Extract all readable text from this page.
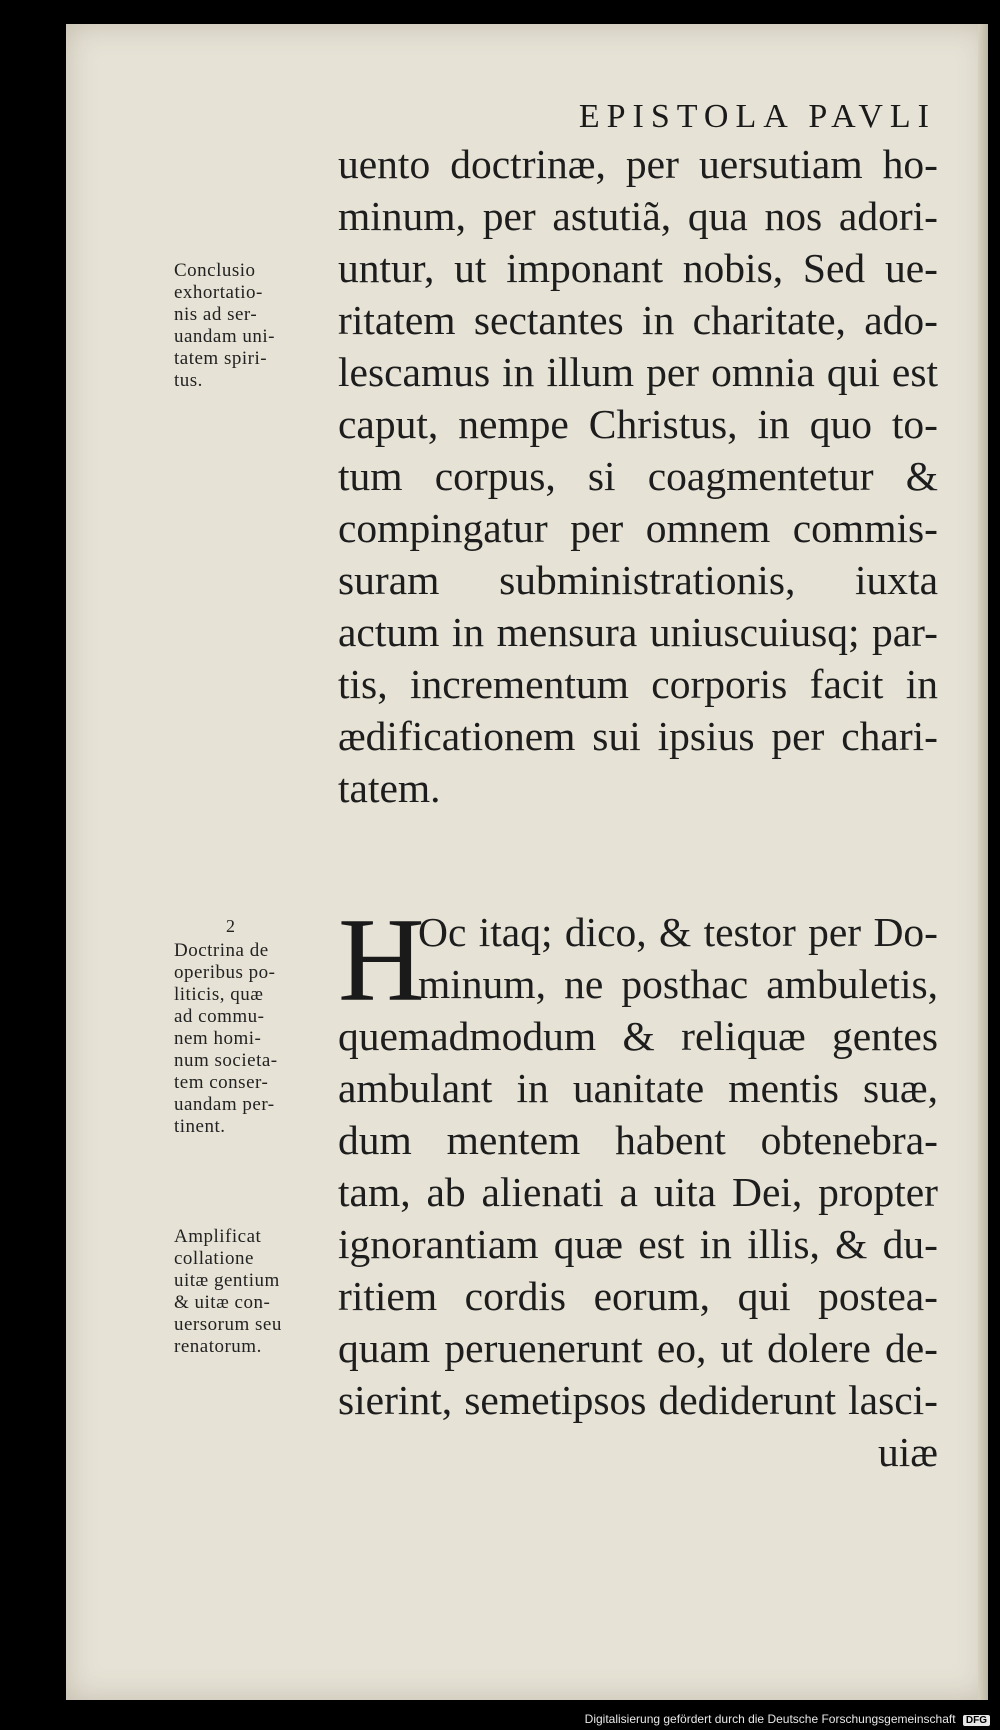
EPISTOLA PAVLI
Conclusio
exhortatio-
nis ad ser-
uandam uni-
tatem spiri-
tus.
uento doctrinæ, per uersutiam ho-
minum, per astutiã, qua nos adori-
untur, ut imponant nobis, Sed ue-
ritatem sectantes in charitate, ado-
lescamus in illum per omnia qui est
caput, nempe Christus, in quo to-
tum corpus, si coagmentetur &
compingatur per omnem commis-
suram subministrationis, iuxta
actum in mensura uniuscuiusq; par-
tis, incrementum corporis facit in
ædificationem sui ipsius per chari-
tatem.
2
Doctrina de
operibus po-
liticis, quæ
ad commu-
nem homi-
num societa-
tem conser-
uandam per-
tinent.
Amplificat
collatione
uitæ gentium
& uitæ con-
uersorum seu
renatorum.
H
Oc itaq; dico, & testor per Do-
minum, ne posthac ambuletis,
quemadmodum & reliquæ gentes
ambulant in uanitate mentis suæ,
dum mentem habent obtenebra-
tam, ab alienati a uita Dei, propter
ignorantiam quæ est in illis, & du-
ritiem cordis eorum, qui postea-
quam peruenerunt eo, ut dolere de-
sierint, semetipsos dediderunt lasci-
uiæ
Digitalisierung gefördert durch die Deutsche Forschungsgemeinschaft DFG
